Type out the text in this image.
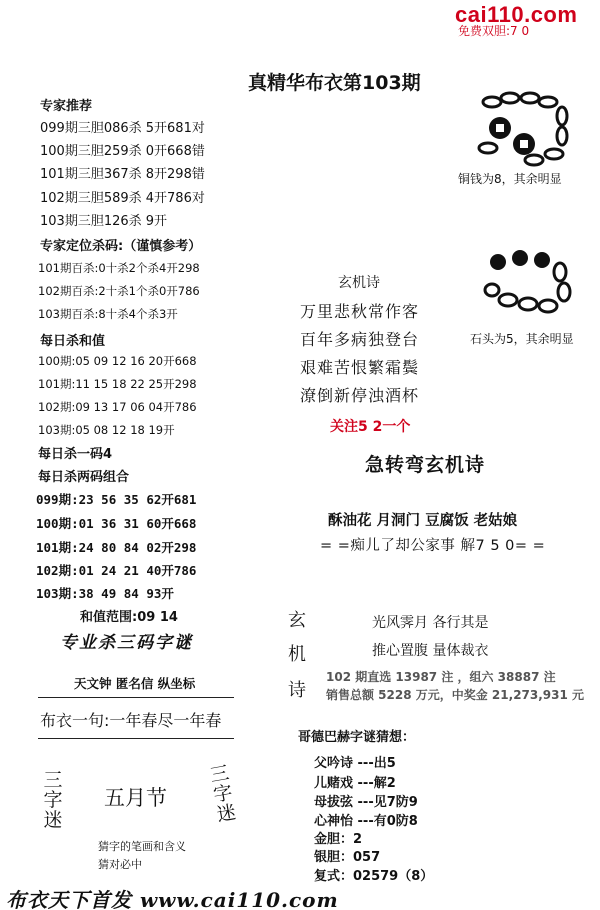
cai110.com
免费双胆:7 0
真精华布衣第103期
专家推荐
099期三胆086杀 5开681对
100期三胆259杀 0开668错
101期三胆367杀 8开298错
102期三胆589杀 4开786对
103期三胆126杀 9开
专家定位杀码:（谨慎参考）
101期百杀:0十杀2个杀4开298
102期百杀:2十杀1个杀0开786
103期百杀:8十杀4个杀3开
每日杀和值
100期:05 09 12 16 20开668
101期:11 15 18 22 25开298
102期:09 13 17 06 04开786
103期:05 08 12 18 19开
每日杀一码4
每日杀两码组合
099期:23 56 35 62开681
100期:01 36 31 60开668
101期:24 80 84 02开298
102期:01 24 21 40开786
103期:38 49 84 93开
和值范围:09 14
专业杀三码字谜
天文钟 匿名信 纵坐标
布衣一句:一年春尽一年春
三字迷
五月节
三字迷
猜字的笔画和含义
猜对必中
布衣天下首发 www.cai110.com
铜钱为8，其余明显
石头为5，其余明显
玄机诗
万里悲秋常作客
百年多病独登台
艰难苦恨繁霜鬓
潦倒新停浊酒杯
关注5 2一个
急转弯玄机诗
酥油花 月洞门 豆腐饭 老姑娘
= =痴儿了却公家事 解7 5 0= =
玄
机
诗
光风霁月 各行其是
推心置腹 量体裁衣
102 期直选 13987 注 ，组六 38887 注
销售总额 5228 万元，中奖金 21,273,931 元
哥德巴赫字谜猜想：
父吟诗 ---出5
儿赌戏 ---解2
母拔弦 ---见7防9
心神怡 ---有0防8
金胆：2
银胆：057
复式：02579（8）
